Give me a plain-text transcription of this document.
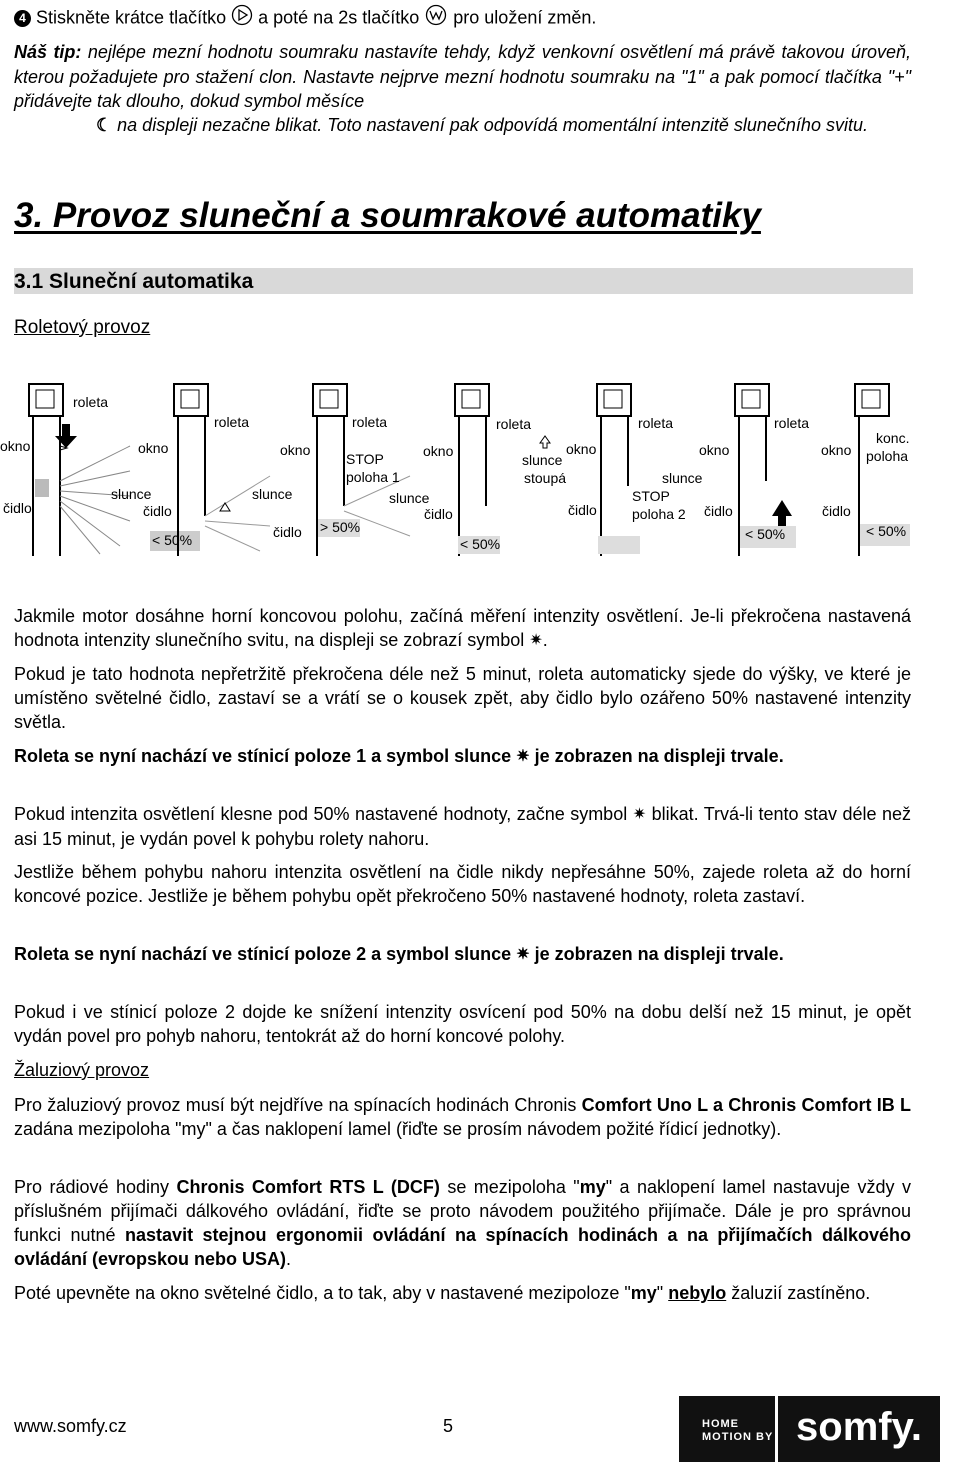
4 Stiskněte krátce tlačítko a poté na 2s tlačítko pro uložení změn.
Náš tip: nejlépe mezní hodnotu soumraku nastavíte tehdy, když venkovní osvětlení má právě takovou úroveň, kterou požadujete pro stažení clon. Nastavte nejprve mezní hodnotu soumraku na "1" a pak pomocí tlačítka "+" přidávejte tak dlouho, dokud symbol měsíce
☾ na displeji nezačne blikat. Toto nastavení pak odpovídá momentální intenzitě slunečního svitu.
3. Provoz sluneční a soumrakové automatiky
3.1 Sluneční automatika
Roletový provoz
roleta
okno
čidlo
slunce
< 50%
roleta
okno
čidlo
slunce
roleta
okno
STOP
poloha 1
čidlo
slunce
> 50%
roleta
okno
čidlo
slunce
stoupá
< 50%
roleta
okno
čidlo
slunce
STOP
poloha 2
roleta
okno
čidlo
< 50%
konc.
poloha
okno
čidlo
< 50%
Jakmile motor dosáhne horní koncovou polohu, začíná měření intenzity osvětlení. Je-li překročena nastavená hodnota intenzity slunečního svitu, na displeji se zobrazí symbol ✷.
Pokud je tato hodnota nepřetržitě překročena déle než 5 minut, roleta automaticky sjede do výšky, ve které je umístěno světelné čidlo, zastaví se a vrátí se o kousek zpět, aby čidlo bylo ozářeno 50% nastavené intenzity světla.
Roleta se nyní nachází ve stínicí poloze 1 a symbol slunce ✷ je zobrazen na displeji trvale.
Pokud intenzita osvětlení klesne pod 50% nastavené hodnoty, začne symbol ✷ blikat. Trvá-li tento stav déle než asi 15 minut, je vydán povel k pohybu rolety nahoru.
Jestliže během pohybu nahoru intenzita osvětlení na čidle nikdy nepřesáhne 50%, zajede roleta až do horní koncové pozice. Jestliže je během pohybu opět překročeno 50% nastavené hodnoty, roleta zastaví.
Roleta se nyní nachází ve stínicí poloze 2 a symbol slunce ✷ je zobrazen na displeji trvale.
Pokud i ve stínicí poloze 2 dojde ke snížení intenzity osvícení pod 50% na dobu delší než 15 minut, je opět vydán povel pro pohyb nahoru, tentokrát až do horní koncové polohy.
Žaluziový provoz
Pro žaluziový provoz musí být nejdříve na spínacích hodinách Chronis Comfort Uno L a Chronis Comfort IB L zadána mezipoloha "my" a čas naklopení lamel (řiďte se prosím návodem požité řídicí jednotky).
Pro rádiové hodiny Chronis Comfort RTS L (DCF) se mezipoloha "my" a naklopení lamel nastavuje vždy v příslušném přijímači dálkového ovládání, řiďte se proto návodem použitého přijímače. Dále je pro správnou funkci nutné nastavit stejnou ergonomii ovládání na spínacích hodinách a na přijímačích dálkového ovládání (evropskou nebo USA).
Poté upevněte na okno světelné čidlo, a to tak, aby v nastavené mezipoloze "my" nebylo žaluzií zastíněno.
www.somfy.cz	5	HOME
MOTION BY somfy.
